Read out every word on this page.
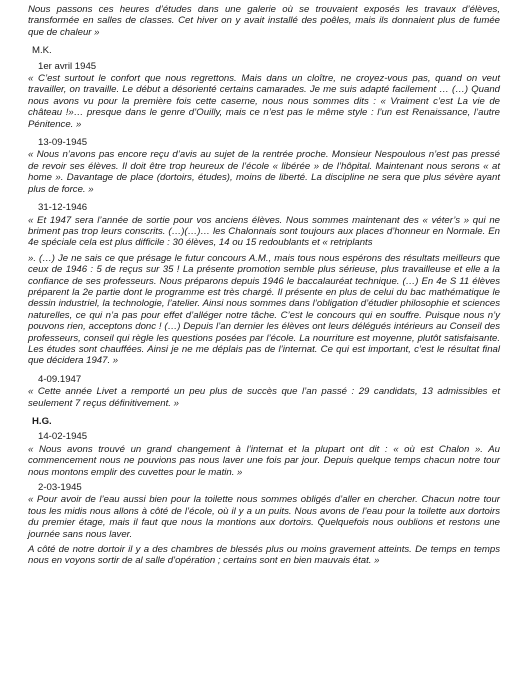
Nous passons ces heures d’études dans une galerie où se trouvaient exposés les travaux d’élèves, transformée en salles de classes. Cet hiver on y avait installé des poêles, mais ils donnaient plus de fumée que de chaleur »

M.K.

1er avril 1945

« C’est surtout le confort que nous regrettons. Mais dans un cloître, ne croyez-vous pas, quand on veut travailler, on travaille. Le début a désorienté certains camarades. Je me suis adapté facilement … (…) Quand nous avons vu pour la première fois cette caserne, nous nous sommes dits : « Vraiment c’est La vie de château !»… presque dans le genre d’Ouilly, mais ce n’est pas le même style : l’un est Renaissance, l’autre Pénitence. »

13-09-1945

« Nous n’avons pas encore reçu d’avis au sujet de la rentrée proche. Monsieur Nespoulous n’est pas pressé de revoir ses élèves. Il doit être trop heureux de l’école « libérée » de l’hôpital. Maintenant nous serons « at home ». Davantage de place (dortoirs, études), moins de liberté. La discipline ne sera que plus sévère ayant plus de force. »

31-12-1946

« Et 1947 sera l’année de sortie pour vos anciens élèves. Nous sommes maintenant des « véter’s » qui ne briment pas trop leurs conscrits. (…)(…)… les Chalonnais sont toujours aux places d’honneur en Normale. En 4e spéciale cela est plus difficile : 30 élèves, 14 ou 15 redoublants et « retriplants

». (…) Je ne sais ce que présage le futur concours A.M., mais tous nous espérons des résultats meilleurs que ceux de 1946 : 5 de reçus sur 35 ! La présente promotion semble plus sérieuse, plus travailleuse et elle a la confiance de ses professeurs. Nous préparons depuis 1946 le baccalauréat technique. (…) En 4e S 11 élèves préparent la 2e partie dont le programme est très chargé. Il présente en plus de celui du bac mathématique le dessin industriel, la technologie, l’atelier. Ainsi nous sommes dans l’obligation d’étudier philosophie et sciences naturelles, ce qui n’a pas pour effet d’alléger notre tâche. C’est le concours qui en souffre. Puisque nous n’y pouvons rien, acceptons donc ! (…) Depuis l’an dernier les élèves ont leurs délégués intérieurs au Conseil des professeurs, conseil qui règle les questions posées par l’école. La nourriture est moyenne, plutôt satisfaisante. Les études sont chauffées. Ainsi je ne me déplais pas de l’internat. Ce qui est important, c’est le résultat final que décidera 1947. »

4-09.1947

« Cette année Livet a remporté un peu plus de succès que l’an passé : 29 candidats, 13 admissibles et seulement 7 reçus définitivement. »

H.G.

14-02-1945

« Nous avons trouvé un grand changement à l’internat et la plupart ont dit : « où est Chalon ». Au commencement nous ne pouvions pas nous laver une fois par jour. Depuis quelque temps chacun notre tour nous montons emplir des cuvettes pour le matin. »

2-03-1945

« Pour avoir de l’eau aussi bien pour la toilette nous sommes obligés d’aller en chercher. Chacun notre tour tous les midis nous allons à côté de l’école, où il y a un puits. Nous avons de l’eau pour la toilette aux dortoirs du premier étage, mais il faut que nous la montions aux dortoirs. Quelquefois nous oublions et restons une journée sans nous laver.

A côté de notre dortoir il y a des chambres de blessés plus ou moins gravement atteints. De temps en temps nous en voyons sortir de al salle d’opération ; certains sont en bien mauvais état. »
